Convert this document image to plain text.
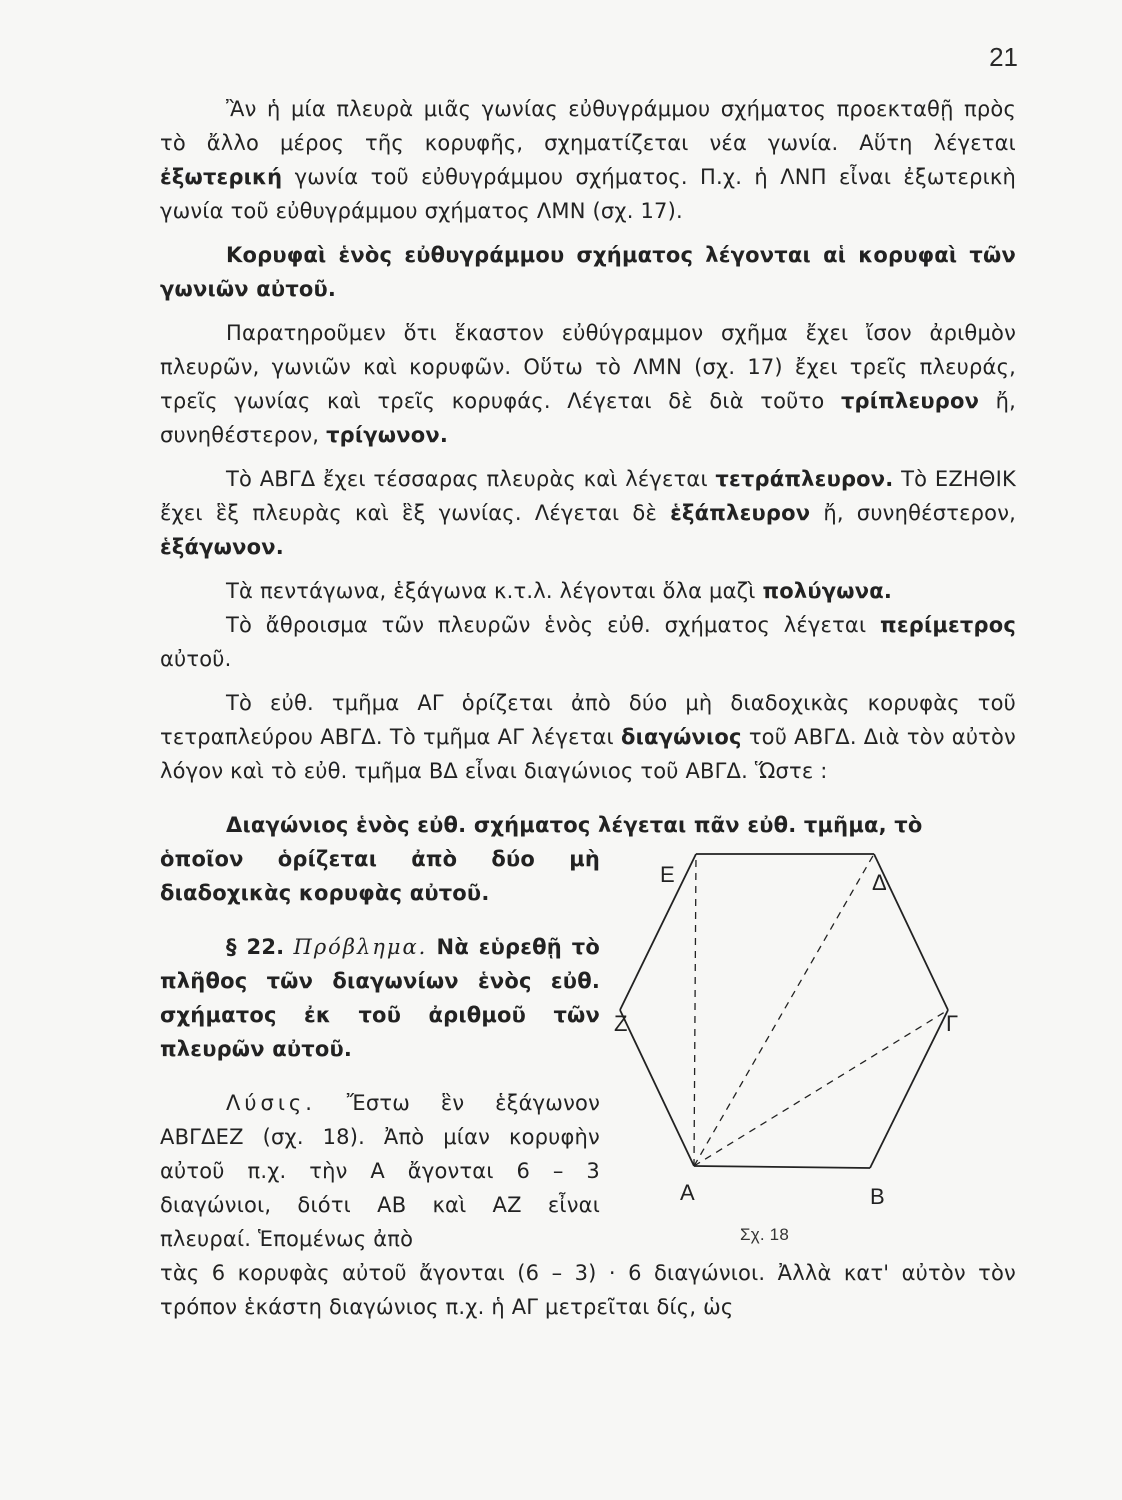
21

Ἂν ἡ μία πλευρὰ μιᾶς γωνίας εὐθυγράμμου σχήματος προεκταθῇ πρὸς τὸ ἄλλο μέρος τῆς κορυφῆς, σχηματίζεται νέα γωνία. Αὕτη λέγεται ἐξωτερική γωνία τοῦ εὐθυγράμμου σχήματος. Π.χ. ἡ ΛΝΠ εἶναι ἐξωτερικὴ γωνία τοῦ εὐθυγράμμου σχήματος ΛΜΝ (σχ. 17).

Κορυφαὶ ἑνὸς εὐθυγράμμου σχήματος λέγονται αἱ κορυφαὶ τῶν γωνιῶν αὐτοῦ.

Παρατηροῦμεν ὅτι ἕκαστον εὐθύγραμμον σχῆμα ἔχει ἴσον ἀριθμὸν πλευρῶν, γωνιῶν καὶ κορυφῶν. Οὕτω τὸ ΛΜΝ (σχ. 17) ἔχει τρεῖς πλευράς, τρεῖς γωνίας καὶ τρεῖς κορυφάς. Λέγεται δὲ διὰ τοῦτο τρίπλευρον ἤ, συνηθέστερον, τρίγωνον.

Τὸ ΑΒΓΔ ἔχει τέσσαρας πλευρὰς καὶ λέγεται τετράπλευρον. Τὸ ΕΖΗΘΙΚ ἔχει ἓξ πλευρὰς καὶ ἓξ γωνίας. Λέγεται δὲ ἑξάπλευρον ἤ, συνηθέστερον, ἑξάγωνον.

Τὰ πεντάγωνα, ἑξάγωνα κ.τ.λ. λέγονται ὅλα μαζὶ πολύγωνα.

Τὸ ἄθροισμα τῶν πλευρῶν ἑνὸς εὐθ. σχήματος λέγεται περίμετρος αὐτοῦ.

Τὸ εὐθ. τμῆμα ΑΓ ὁρίζεται ἀπὸ δύο μὴ διαδοχικὰς κορυφὰς τοῦ τετραπλεύρου ΑΒΓΔ. Τὸ τμῆμα ΑΓ λέγεται διαγώνιος τοῦ ΑΒΓΔ. Διὰ τὸν αὐτὸν λόγον καὶ τὸ εὐθ. τμῆμα ΒΔ εἶναι διαγώνιος τοῦ ΑΒΓΔ. Ὥστε :

Διαγώνιος ἑνὸς εὐθ. σχήματος λέγεται πᾶν εὐθ. τμῆμα, τὸ

ὁποῖον ὁρίζεται ἀπὸ δύο μὴ διαδοχικὰς κορυφὰς αὐτοῦ.

§ 22. Πρόβλημα. Νὰ εὑρεθῇ τὸ πλῆθος τῶν διαγωνίων ἑνὸς εὐθ. σχήματος ἐκ τοῦ ἀριθμοῦ τῶν πλευρῶν αὐτοῦ.

Λύσις. Ἔστω ἓν ἑξάγωνον ΑΒΓΔΕΖ (σχ. 18). Ἀπὸ μίαν κορυφὴν αὐτοῦ π.χ. τὴν Α ἄγονται 6 – 3 διαγώνιοι, διότι ΑΒ καὶ ΑΖ εἶναι πλευραί. Ἑπομένως ἀπὸ

Ε	Δ
Ζ	Γ
Α	Β
Σχ. 18

τὰς 6 κορυφὰς αὐτοῦ ἄγονται (6 – 3) · 6 διαγώνιοι. Ἀλλὰ κατ' αὐτὸν τὸν τρόπον ἑκάστη διαγώνιος π.χ. ἡ ΑΓ μετρεῖται δίς, ὡς
